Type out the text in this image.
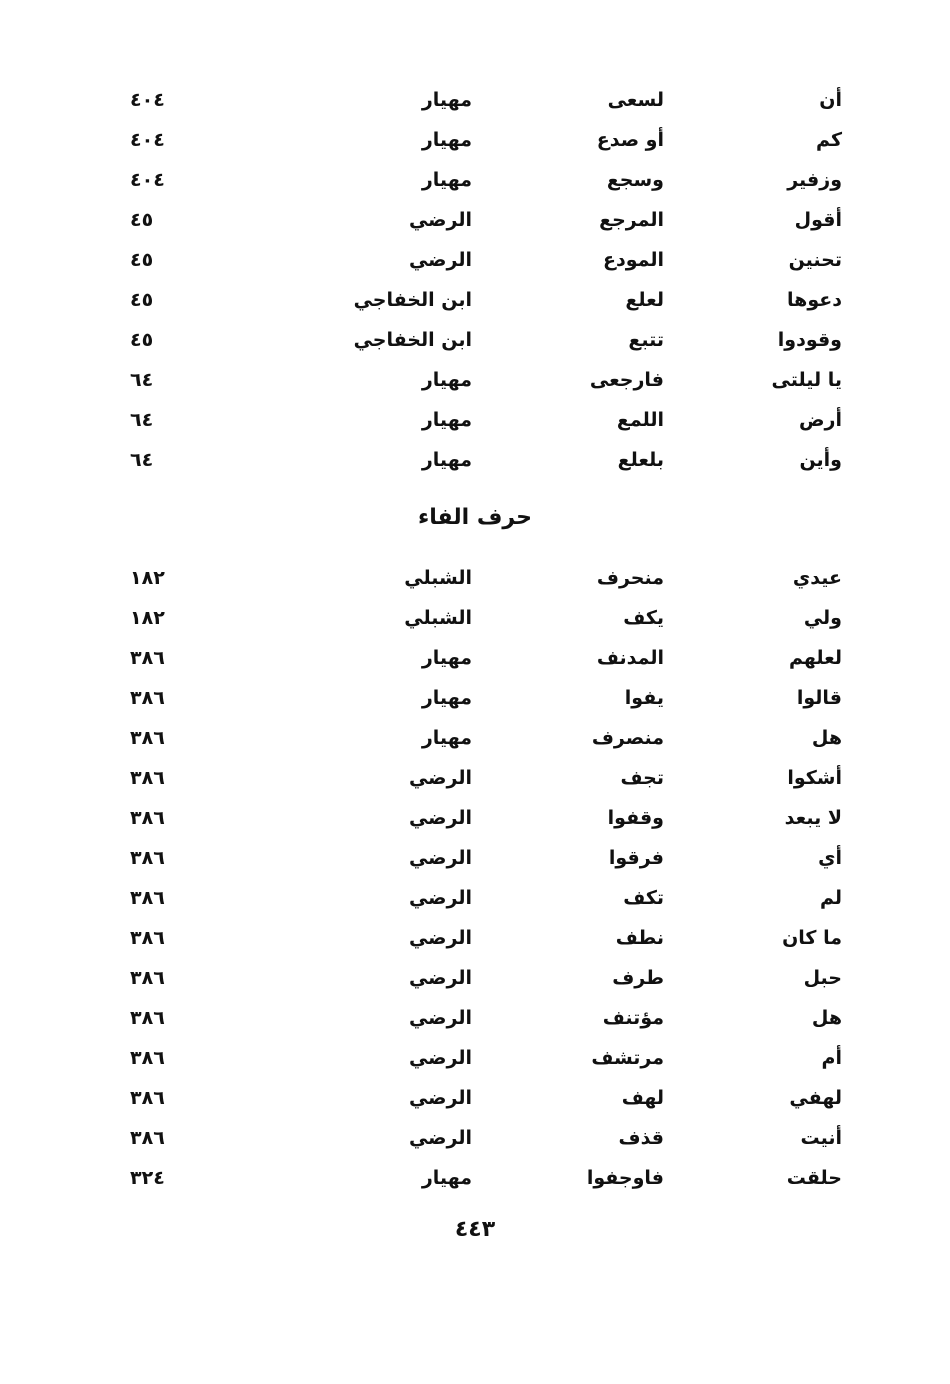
أن
لسعى
مهيار
٤٠٤
كم
أو صدع
مهيار
٤٠٤
وزفير
وسجع
مهيار
٤٠٤
أقول
المرجع
الرضي
٤٥
تحنين
المودع
الرضي
٤٥
دعوها
لعلع
ابن الخفاجي
٤٥
وقودوا
تتبع
ابن الخفاجي
٤٥
يا ليلتى
فارجعى
مهيار
٦٤
أرض
اللمع
مهيار
٦٤
وأين
بلعلع
مهيار
٦٤
حرف الفاء
عيدي
منحرف
الشبلي
١٨٢
ولي
يكف
الشبلي
١٨٢
لعلهم
المدنف
مهيار
٣٨٦
قالوا
يفوا
مهيار
٣٨٦
هل
منصرف
مهيار
٣٨٦
أشكوا
تجف
الرضي
٣٨٦
لا يبعد
وقفوا
الرضي
٣٨٦
أي
فرقوا
الرضي
٣٨٦
لم
تكف
الرضي
٣٨٦
ما كان
نطف
الرضي
٣٨٦
حبل
طرف
الرضي
٣٨٦
هل
مؤتنف
الرضي
٣٨٦
أم
مرتشف
الرضي
٣٨٦
لهفي
لهف
الرضي
٣٨٦
أنيت
قذف
الرضي
٣٨٦
حلقت
فاوجفوا
مهيار
٣٢٤
٤٤٣
